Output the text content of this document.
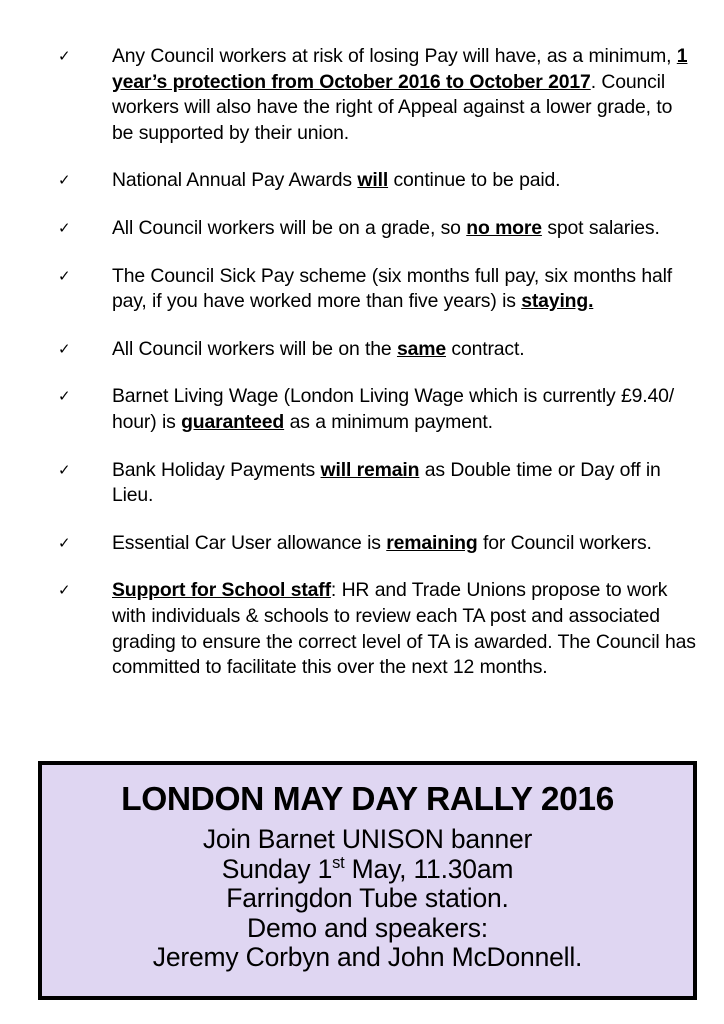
✓	Any Council workers at risk of losing Pay will have, as a minimum, 1 year’s protection from October 2016 to October 2017. Council workers will also have the right of Appeal against a lower grade, to be supported by their union.
✓	National Annual Pay Awards will continue to be paid.
✓	All Council workers will be on a grade, so no more spot salaries.
✓	The Council Sick Pay scheme (six months full pay, six months half pay, if you have worked more than five years) is staying.
✓	All Council workers will be on the same contract.
✓	Barnet Living Wage (London Living Wage which is currently £9.40/ hour) is guaranteed as a minimum payment.
✓	Bank Holiday Payments will remain as Double time or Day off in Lieu.
✓	Essential Car User allowance is remaining for Council workers.
✓	Support for School staff: HR and Trade Unions propose to work with individuals & schools to review each TA post and associated grading to ensure the correct level of TA is awarded. The Council has committed to facilitate this over the next 12 months.
LONDON MAY DAY RALLY 2016
Join Barnet UNISON banner
Sunday 1st May, 11.30am
Farringdon Tube station.
Demo and speakers:
Jeremy Corbyn and John McDonnell.
